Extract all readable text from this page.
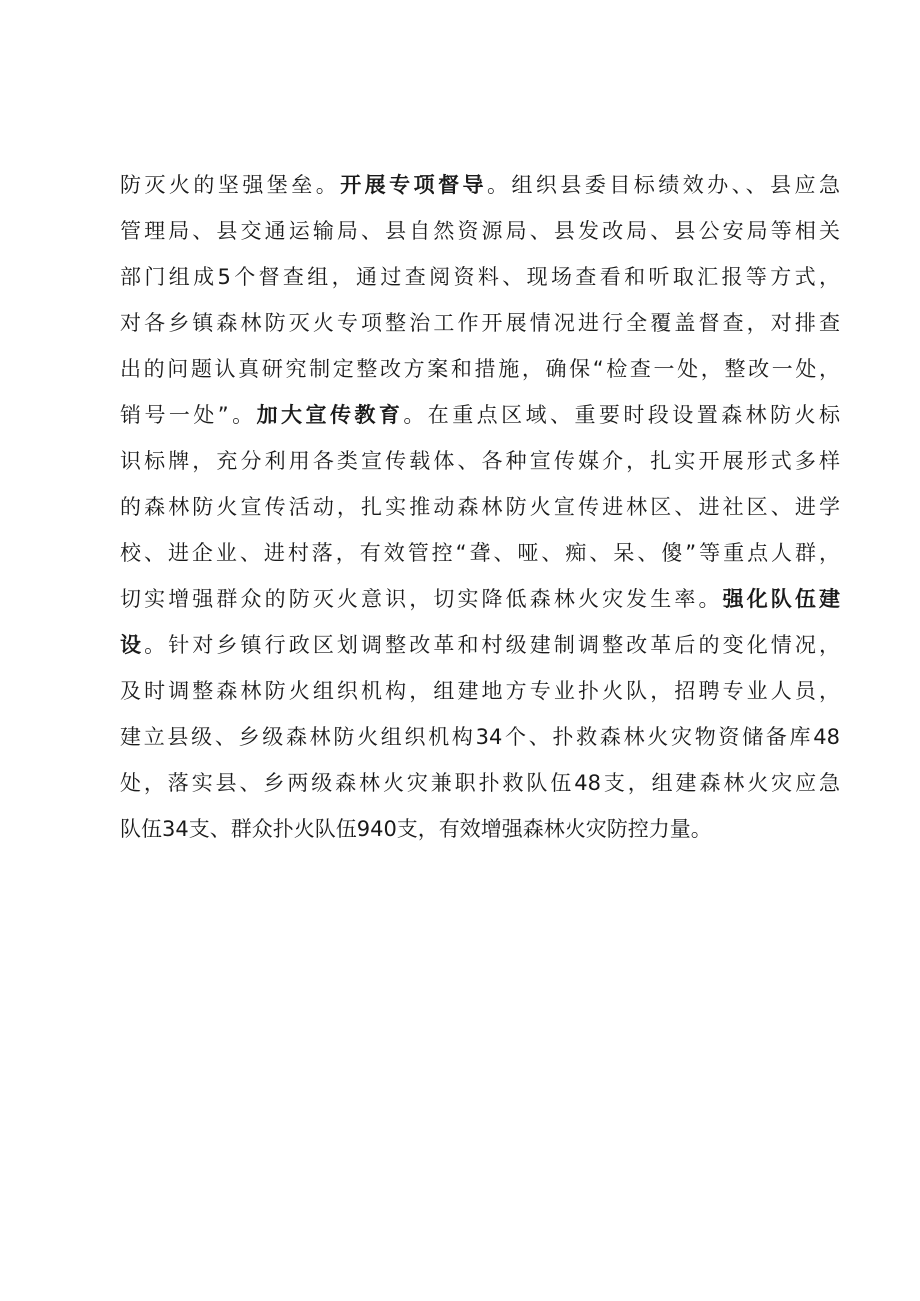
防灭火的坚强堡垒。开展专项督导。组织县委目标绩效办、、县应急
管理局、县交通运输局、县自然资源局、县发改局、县公安局等相关
部门组成5个督查组，通过查阅资料、现场查看和听取汇报等方式，
对各乡镇森林防灭火专项整治工作开展情况进行全覆盖督查，对排查
出的问题认真研究制定整改方案和措施，确保“检查一处，整改一处，
销号一处”。加大宣传教育。在重点区域、重要时段设置森林防火标
识标牌，充分利用各类宣传载体、各种宣传媒介，扎实开展形式多样
的森林防火宣传活动，扎实推动森林防火宣传进林区、进社区、进学
校、进企业、进村落，有效管控“聋、哑、痴、呆、傻”等重点人群，
切实增强群众的防灭火意识，切实降低森林火灾发生率。强化队伍建
设。针对乡镇行政区划调整改革和村级建制调整改革后的变化情况，
及时调整森林防火组织机构，组建地方专业扑火队，招聘专业人员，
建立县级、乡级森林防火组织机构34个、扑救森林火灾物资储备库48
处，落实县、乡两级森林火灾兼职扑救队伍48支，组建森林火灾应急
队伍34支、群众扑火队伍940支，有效增强森林火灾防控力量。
